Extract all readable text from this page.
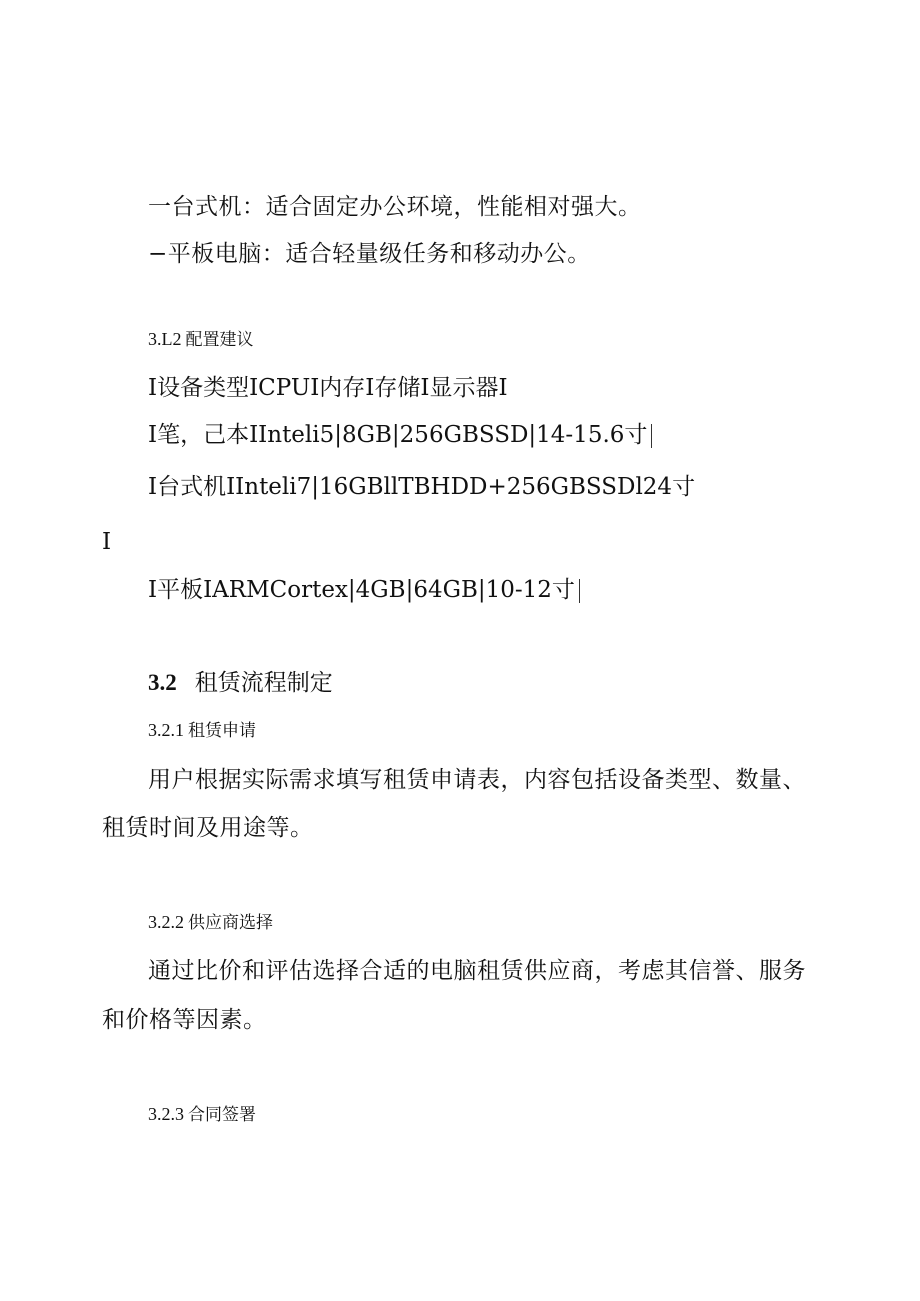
一台式机：适合固定办公环境，性能相对强大。
−平板电脑：适合轻量级任务和移动办公。
3.L2 配置建议
I设备类型ICPUI内存I存储I显示器I
I笔，己本IInteli5|8GB|256GBSSD|14-15.6寸
I台式机IInteli7|16GBllTBHDD+256GBSSDl24寸
I
I平板IARMCortex|4GB|64GB|10-12寸
3.2 租赁流程制定
3.2.1 租赁申请
用户根据实际需求填写租赁申请表，内容包括设备类型、数量、
租赁时间及用途等。
3.2.2 供应商选择
通过比价和评估选择合适的电脑租赁供应商，考虑其信誉、服务
和价格等因素。
3.2.3 合同签署
